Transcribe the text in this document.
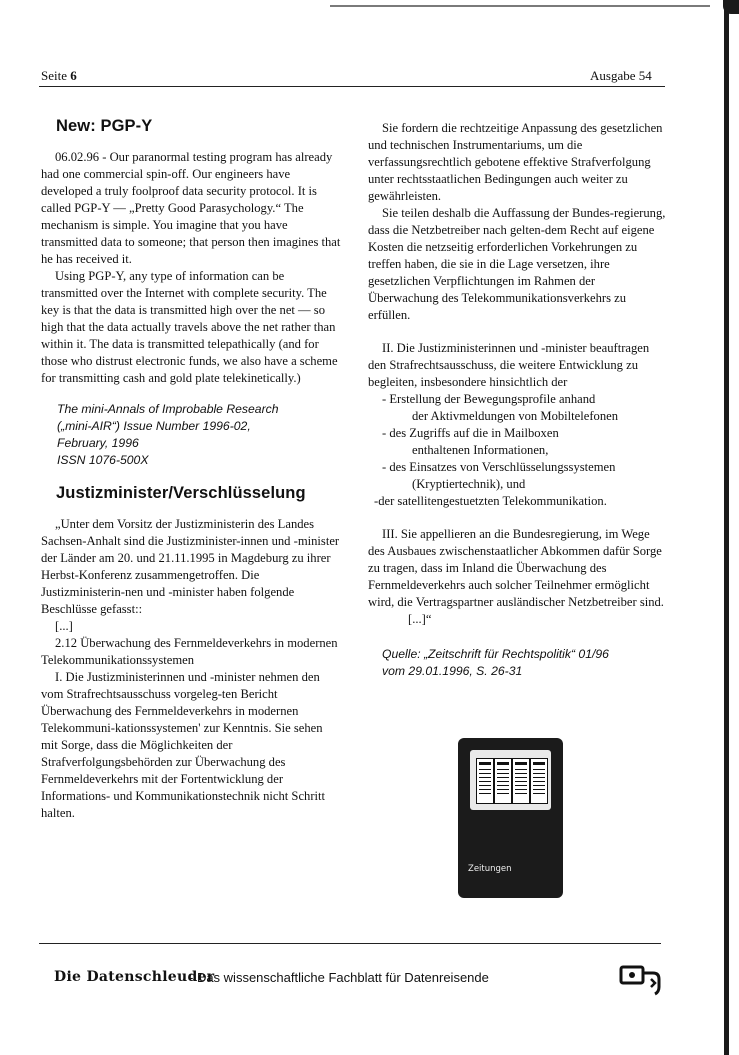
Seite 6	Ausgabe 54
New: PGP-Y

06.02.96 - Our paranormal testing program has already had one commercial spin-off. Our engineers have developed a truly foolproof data security protocol. It is called PGP-Y — „Pretty Good Parasychology.“ The mechanism is simple. You imagine that you have transmitted data to someone; that person then imagines that he has received it.

Using PGP-Y, any type of information can be transmitted over the Internet with complete security. The key is that the data is transmitted high over the net — so high that the data actually travels above the net rather than within it. The data is transmitted telepathically (and for those who distrust electronic funds, we also have a scheme for transmitting cash and gold plate telekinetically.)

The mini-Annals of Improbable Research
(„mini-AIR“) Issue Number 1996-02,
February, 1996
ISSN 1076-500X
Justizminister/Verschlüsselung

„Unter dem Vorsitz der Justizministerin des Landes Sachsen-Anhalt sind die Justizminister-innen und -minister der Länder am 20. und 21.11.1995 in Magdeburg zu ihrer Herbst-Konferenz zusammengetroffen. Die Justizministerin-nen und -minister haben folgende Beschlüsse gefasst::

[...]

2.12 Überwachung des Fernmeldeverkehrs in modernen Telekommunikationssystemen

I. Die Justizministerinnen und -minister nehmen den vom Strafrechtsausschuss vorgeleg-ten Bericht Überwachung des Fernmeldeverkehrs in modernen Telekommuni-kationssystemen' zur Kenntnis. Sie sehen mit Sorge, dass die Möglichkeiten der Strafverfolgungsbehörden zur Überwachung des Fernmeldeverkehrs mit der Fortentwicklung der Informations- und Kommunikationstechnik nicht Schritt halten.

Sie fordern die rechtzeitige Anpassung des gesetzlichen und technischen Instrumentariums, um die verfassungsrechtlich gebotene effektive Strafverfolgung unter rechtsstaatlichen Bedingungen auch weiter zu gewährleisten.

Sie teilen deshalb die Auffassung der Bundes-regierung, dass die Netzbetreiber nach gelten-dem Recht auf eigene Kosten die netzseitig erforderlichen Vorkehrungen zu treffen haben, die sie in die Lage versetzen, ihre gesetzlichen Verpflichtungen im Rahmen der Überwachung des Telekommunikationsverkehrs zu erfüllen.

II. Die Justizministerinnen und -minister beauftragen den Strafrechtsausschuss, die weitere Entwicklung zu begleiten, insbesondere hinsichtlich der

- Erstellung der Bewegungsprofile anhand

der Aktivmeldungen von Mobiltelefonen

- des Zugriffs auf die in Mailboxen

enthaltenen Informationen,

- des Einsatzes von Verschlüsselungssystemen

(Kryptiertechnik), und

-der satellitengestuetzten Telekommunikation.

III. Sie appellieren an die Bundesregierung, im Wege des Ausbaues zwischenstaatlicher Abkommen dafür Sorge zu tragen, dass im Inland die Überwachung des Fernmeldeverkehrs auch solcher Teilnehmer ermöglicht wird, die Vertragspartner ausländischer Netzbetreiber sind.

[...]“

Quelle: „Zeitschrift für Rechtspolitik“ 01/96
vom 29.01.1996, S. 26-31
Zeitungen
Die Datenschleuder
- Das wissenschaftliche Fachblatt für Datenreisende
